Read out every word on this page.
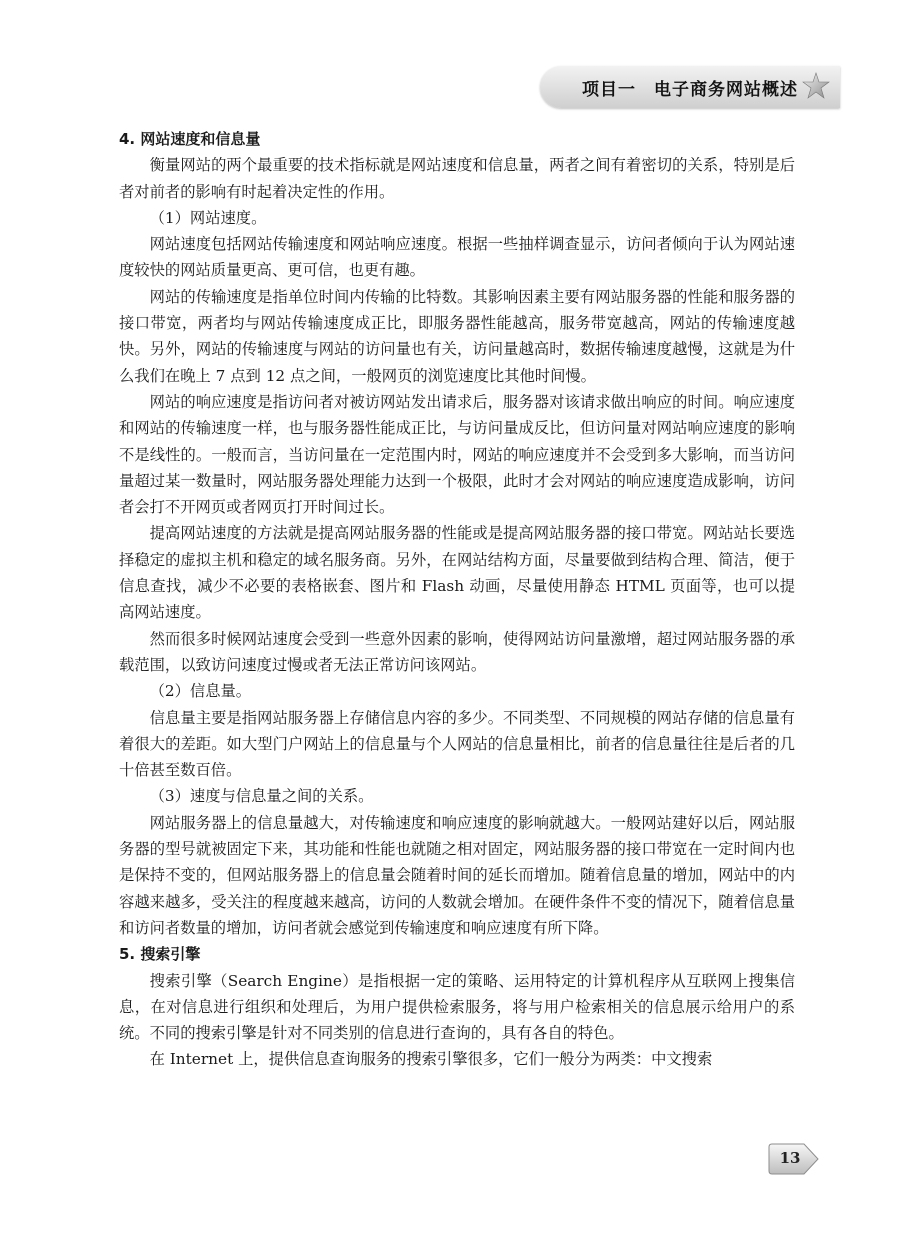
项目一　电子商务网站概述

4. 网站速度和信息量

衡量网站的两个最重要的技术指标就是网站速度和信息量，两者之间有着密切的关系，特别是后者对前者的影响有时起着决定性的作用。

（1）网站速度。

网站速度包括网站传输速度和网站响应速度。根据一些抽样调查显示，访问者倾向于认为网站速度较快的网站质量更高、更可信，也更有趣。

网站的传输速度是指单位时间内传输的比特数。其影响因素主要有网站服务器的性能和服务器的接口带宽，两者均与网站传输速度成正比，即服务器性能越高，服务带宽越高，网站的传输速度越快。另外，网站的传输速度与网站的访问量也有关，访问量越高时，数据传输速度越慢，这就是为什么我们在晚上 7 点到 12 点之间，一般网页的浏览速度比其他时间慢。

网站的响应速度是指访问者对被访网站发出请求后，服务器对该请求做出响应的时间。响应速度和网站的传输速度一样，也与服务器性能成正比，与访问量成反比，但访问量对网站响应速度的影响不是线性的。一般而言，当访问量在一定范围内时，网站的响应速度并不会受到多大影响，而当访问量超过某一数量时，网站服务器处理能力达到一个极限，此时才会对网站的响应速度造成影响，访问者会打不开网页或者网页打开时间过长。

提高网站速度的方法就是提高网站服务器的性能或是提高网站服务器的接口带宽。网站站长要选择稳定的虚拟主机和稳定的域名服务商。另外，在网站结构方面，尽量要做到结构合理、简洁，便于信息查找，减少不必要的表格嵌套、图片和 Flash 动画，尽量使用静态 HTML 页面等，也可以提高网站速度。

然而很多时候网站速度会受到一些意外因素的影响，使得网站访问量激增，超过网站服务器的承载范围，以致访问速度过慢或者无法正常访问该网站。

（2）信息量。

信息量主要是指网站服务器上存储信息内容的多少。不同类型、不同规模的网站存储的信息量有着很大的差距。如大型门户网站上的信息量与个人网站的信息量相比，前者的信息量往往是后者的几十倍甚至数百倍。

（3）速度与信息量之间的关系。

网站服务器上的信息量越大，对传输速度和响应速度的影响就越大。一般网站建好以后，网站服务器的型号就被固定下来，其功能和性能也就随之相对固定，网站服务器的接口带宽在一定时间内也是保持不变的，但网站服务器上的信息量会随着时间的延长而增加。随着信息量的增加，网站中的内容越来越多，受关注的程度越来越高，访问的人数就会增加。在硬件条件不变的情况下，随着信息量和访问者数量的增加，访问者就会感觉到传输速度和响应速度有所下降。

5. 搜索引擎

搜索引擎（Search Engine）是指根据一定的策略、运用特定的计算机程序从互联网上搜集信息，在对信息进行组织和处理后，为用户提供检索服务，将与用户检索相关的信息展示给用户的系统。不同的搜索引擎是针对不同类别的信息进行查询的，具有各自的特色。

在 Internet 上，提供信息查询服务的搜索引擎很多，它们一般分为两类：中文搜索

13
